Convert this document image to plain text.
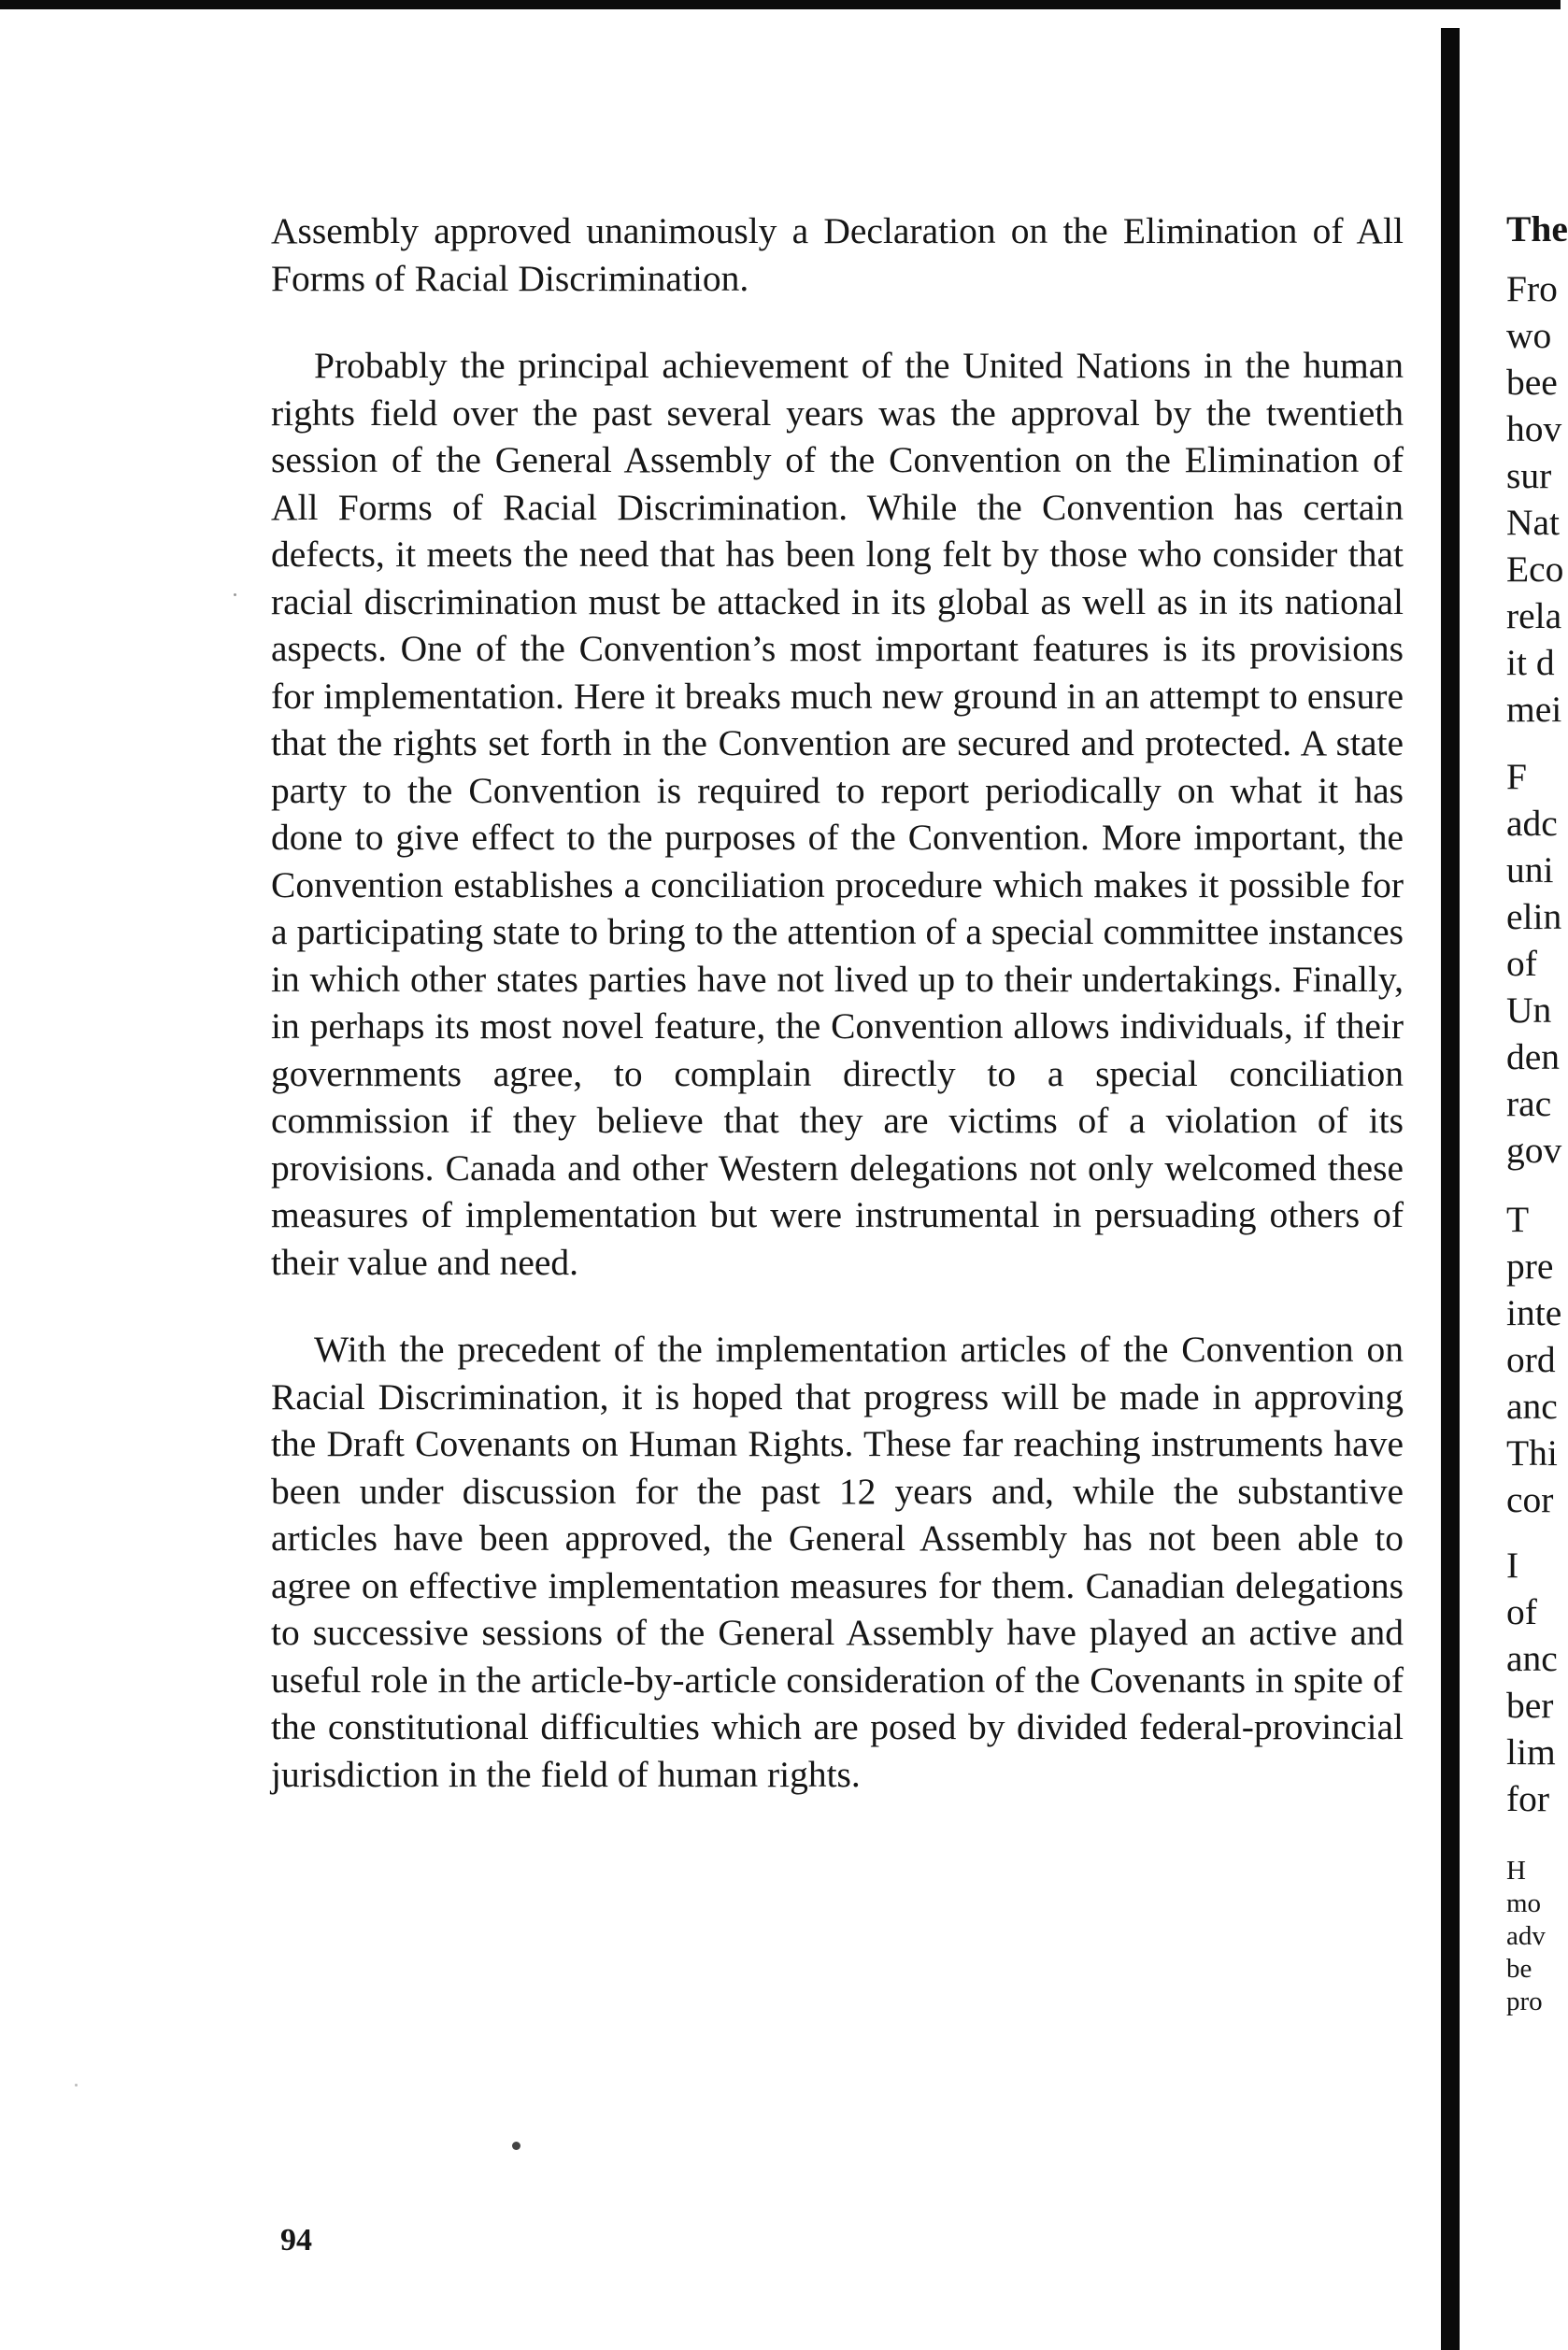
Assembly approved unanimously a Declaration on the Elimination of All Forms of Racial Discrimination.

Probably the principal achievement of the United Nations in the human rights field over the past several years was the approval by the twentieth session of the General Assembly of the Convention on the Elimination of All Forms of Racial Discrimination. While the Convention has certain defects, it meets the need that has been long felt by those who consider that racial discrimination must be attacked in its global as well as in its national aspects. One of the Convention’s most important features is its provisions for implementation. Here it breaks much new ground in an attempt to ensure that the rights set forth in the Convention are secured and protected. A state party to the Convention is required to report periodically on what it has done to give effect to the purposes of the Convention. More important, the Convention establishes a conciliation procedure which makes it possible for a participating state to bring to the attention of a special committee instances in which other states parties have not lived up to their undertakings. Finally, in perhaps its most novel feature, the Convention allows individuals, if their governments agree, to complain directly to a special conciliation commission if they believe that they are victims of a violation of its provisions. Canada and other Western delegations not only welcomed these measures of implementation but were instrumental in persuading others of their value and need.

With the precedent of the implementation articles of the Convention on Racial Discrimination, it is hoped that progress will be made in approving the Draft Covenants on Human Rights. These far reaching instruments have been under discussion for the past 12 years and, while the substantive articles have been approved, the General Assembly has not been able to agree on effective implementation measures for them. Canadian delegations to successive sessions of the General Assembly have played an active and useful role in the article-by-article consideration of the Covenants in spite of the constitutional difficulties which are posed by divided federal-provincial jurisdiction in the field of human rights.

94
The
Fro
wo
bee
hov
sur
Nat
Eco
rela
it d
mei
F
adc
uni
elin
of
Un
den
rac
gov
T
pre
inte
ord
anc
Thi
cor
I
of
anc
ber
lim
for
H
mo
adv
be
pro
